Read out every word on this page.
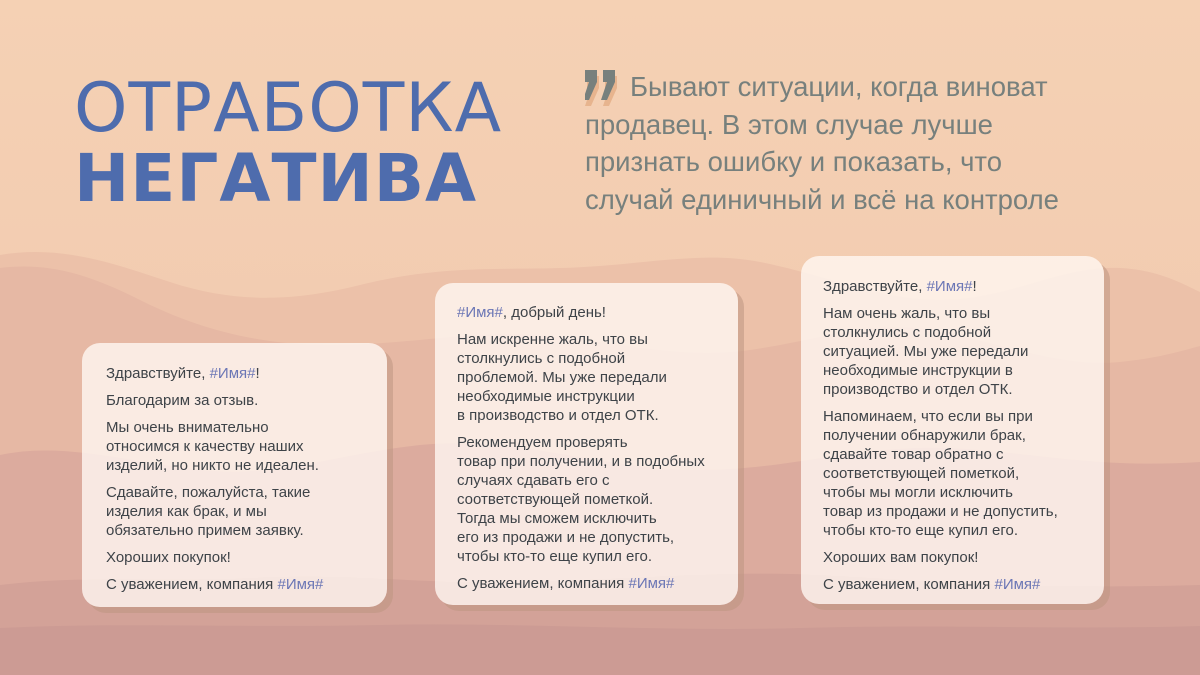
ОТРАБОТКА
НЕГАТИВА

Бывают ситуации, когда виноват
продавец. В этом случае лучше
признать ошибку и показать, что
случай единичный и всё на контроле

Здравствуйте, #Имя#!

Благодарим за отзыв.

Мы очень внимательно
относимся к качеству наших
изделий, но никто не идеален.

Сдавайте, пожалуйста, такие
изделия как брак, и мы
обязательно примем заявку.

Хороших покупок!

С уважением, компания #Имя#

#Имя#, добрый день!

Нам искренне жаль, что вы
столкнулись с подобной
проблемой. Мы уже передали
необходимые инструкции
в производство и отдел ОТК.

Рекомендуем проверять
товар при получении, и в подобных
случаях сдавать его с
соответствующей пометкой.
Тогда мы сможем исключить
его из продажи и не допустить,
чтобы кто-то еще купил его.

С уважением, компания #Имя#

Здравствуйте, #Имя#!

Нам очень жаль, что вы
столкнулись с подобной
ситуацией. Мы уже передали
необходимые инструкции в
производство и отдел ОТК.

Напоминаем, что если вы при
получении обнаружили брак,
сдавайте товар обратно с
соответствующей пометкой,
чтобы мы могли исключить
товар из продажи и не допустить,
чтобы кто-то еще купил его.

Хороших вам покупок!

С уважением, компания #Имя#
